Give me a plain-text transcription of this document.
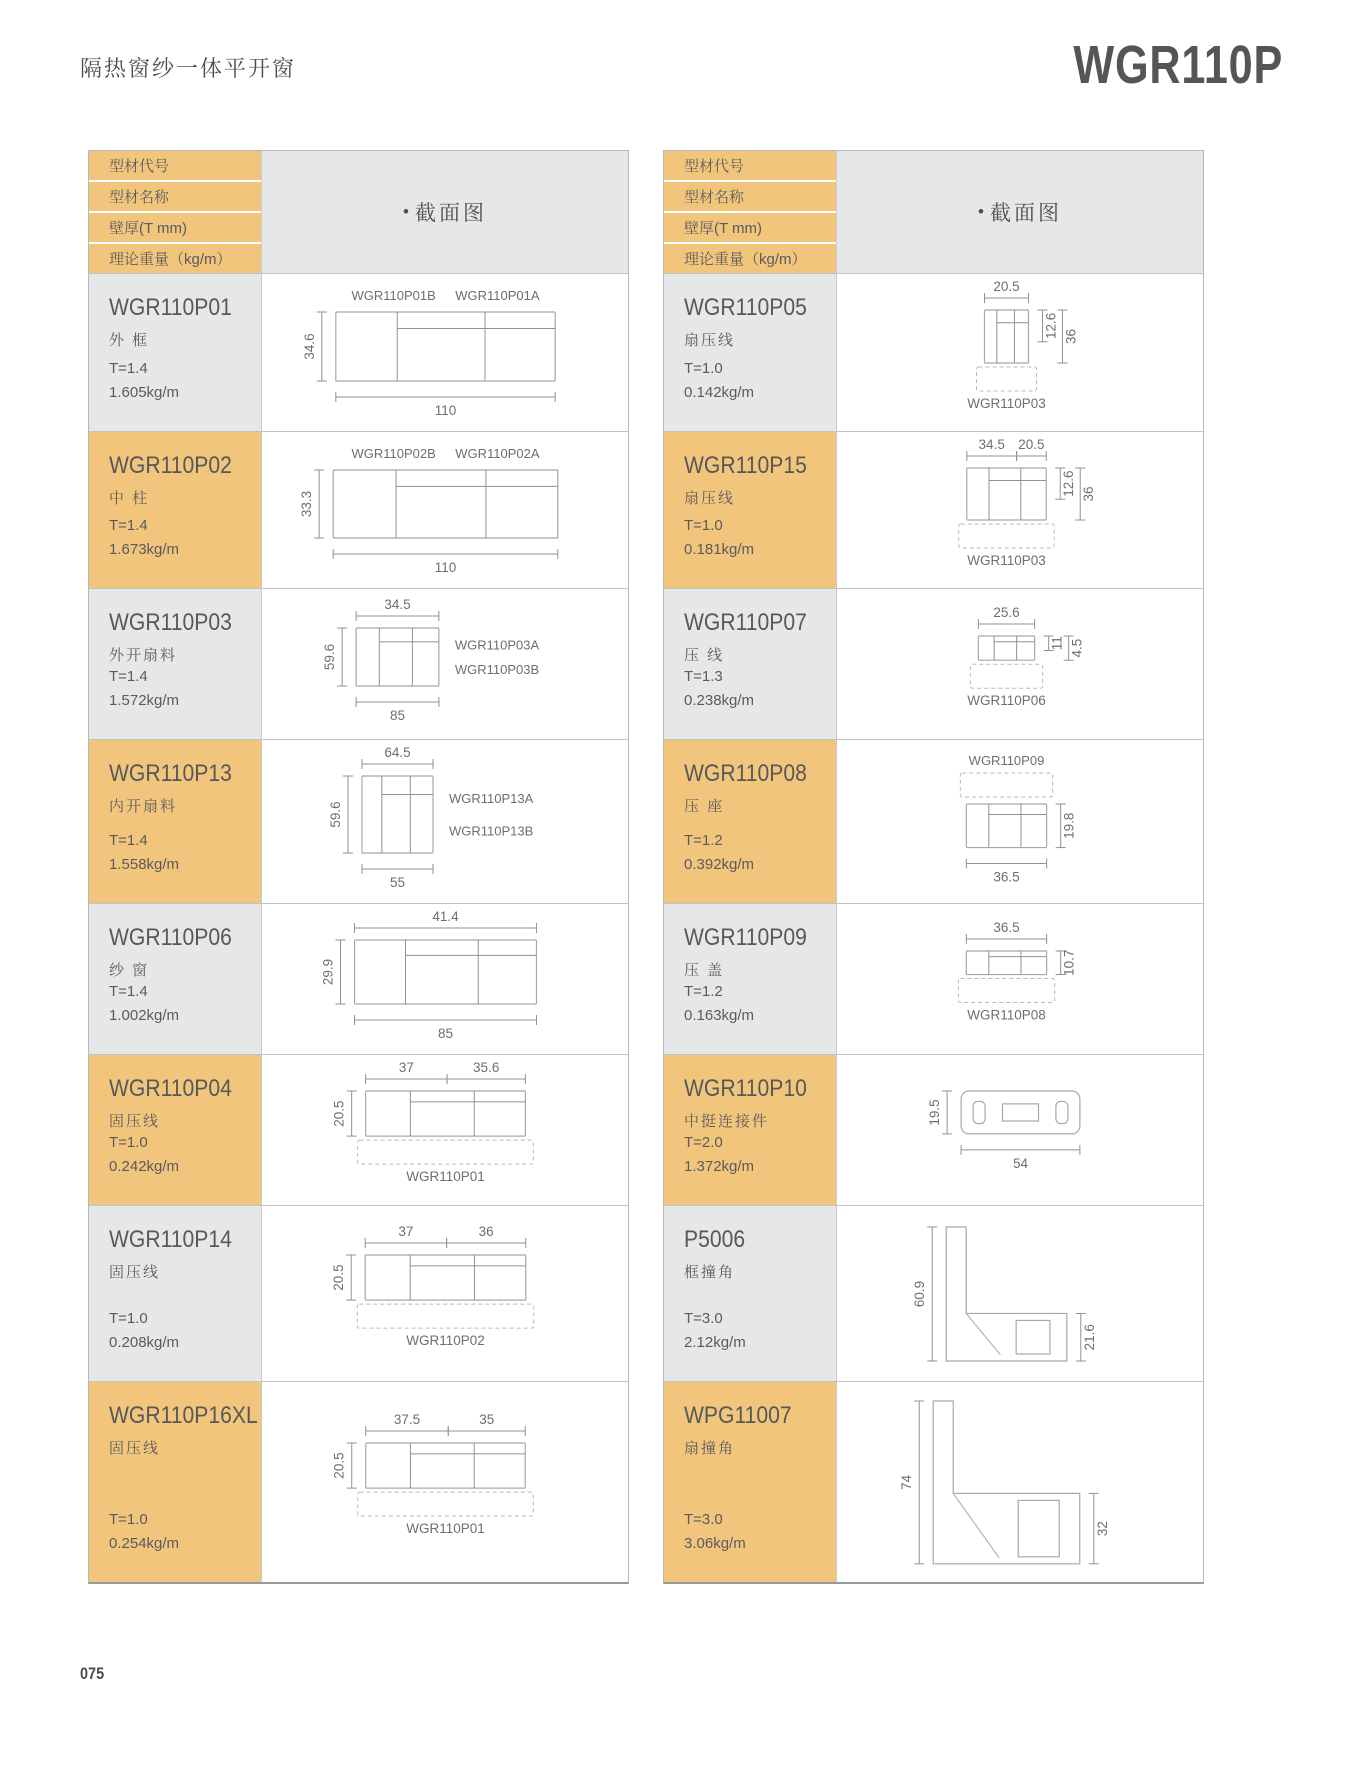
隔热窗纱一体平开窗	WGR110P
型材代号
型材名称
壁厚(T mm)
理论重量（kg/m）
• 截面图
WGR110P01
外 框
T=1.4
1.605kg/m
WGR110P01B  WGR110P01A
34.6
110
WGR110P02
中 柱
T=1.4
1.673kg/m
WGR110P02B  WGR110P02A
33.3
110
WGR110P03
外开扇料
T=1.4
1.572kg/m
34.5
59.6	WGR110P03A
WGR110P03B
85
WGR110P13
内开扇料
T=1.4
1.558kg/m
64.5
59.6
WGR110P13A
WGR110P13B
55
WGR110P06
纱 窗
T=1.4
1.002kg/m
41.4
29.9
85
WGR110P04
固压线
T=1.0
0.242kg/m
37	35.6
20.5
WGR110P01
WGR110P14
固压线
T=1.0
0.208kg/m
37	36
20.5
WGR110P02
WGR110P16XL
固压线
T=1.0
0.254kg/m
37.5	35
20.5
WGR110P01
型材代号
型材名称
壁厚(T mm)
理论重量（kg/m）
• 截面图
WGR110P05
扇压线
T=1.0
0.142kg/m
20.5
12.6 36
WGR110P03
WGR110P15
扇压线
T=1.0
0.181kg/m
34.5 20.5
12.6 36
WGR110P03
WGR110P07
压 线
T=1.3
0.238kg/m
25.6
11 4.5
WGR110P06
WGR110P08
压 座
T=1.2
0.392kg/m
WGR110P09
19.8
36.5
WGR110P09
压 盖
T=1.2
0.163kg/m
36.5
10.7
WGR110P08
WGR110P10
中挺连接件
T=2.0
1.372kg/m
19.5
54
P5006
框撞角
T=3.0
2.12kg/m
60.9
21.6
WPG11007
扇撞角
T=3.0
3.06kg/m
74
32
075
